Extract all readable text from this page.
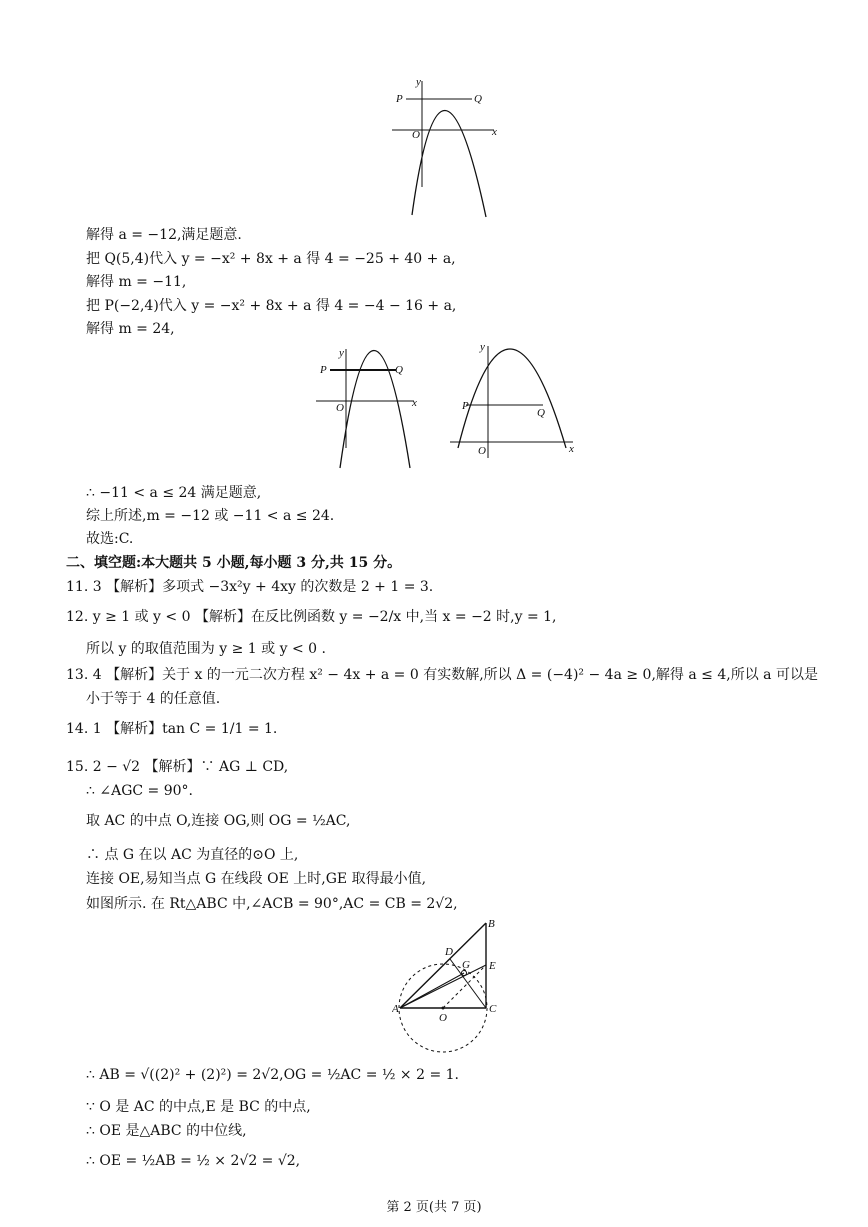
y
x
O
P	Q
解得 a = −12,满足题意.
把 Q(5,4)代入 y = −x² + 8x + a 得 4 = −25 + 40 + a,
解得 m = −11,
把 P(−2,4)代入 y = −x² + 8x + a 得 4 = −4 − 16 + a,
解得 m = 24,
y
x
O
P	Q
y
x
O
P
Q
∴ −11 < a ≤ 24 满足题意,
综上所述,m = −12 或 −11 < a ≤ 24.
故选:C.
二、填空题:本大题共 5 小题,每小题 3 分,共 15 分。
11. 3 【解析】多项式 −3x²y + 4xy 的次数是 2 + 1 = 3.
12. y ≥ 1 或 y < 0 【解析】在反比例函数 y = −2/x 中,当 x = −2 时,y = 1,
所以 y 的取值范围为 y ≥ 1 或 y < 0 .
13. 4 【解析】关于 x 的一元二次方程 x² − 4x + a = 0 有实数解,所以 Δ = (−4)² − 4a ≥ 0,解得 a ≤ 4,所以 a 可以是
小于等于 4 的任意值.
14. 1 【解析】tan C = 1/1 = 1.
15. 2 − √2 【解析】∵ AG ⊥ CD,
∴ ∠AGC = 90°.
取 AC 的中点 O,连接 OG,则 OG = ½AC,
∴ 点 G 在以 AC 为直径的⊙O 上,
连接 OE,易知当点 G 在线段 OE 上时,GE 取得最小值,
如图所示. 在 Rt△ABC 中,∠ACB = 90°,AC = CB = 2√2,
A
B
C
D
E
G
O
∴ AB = √((2)² + (2)²) = 2√2,OG = ½AC = ½ × 2 = 1.
∵ O 是 AC 的中点,E 是 BC 的中点,
∴ OE 是△ABC 的中位线,
∴ OE = ½AB = ½ × 2√2 = √2,
第 2 页(共 7 页)
